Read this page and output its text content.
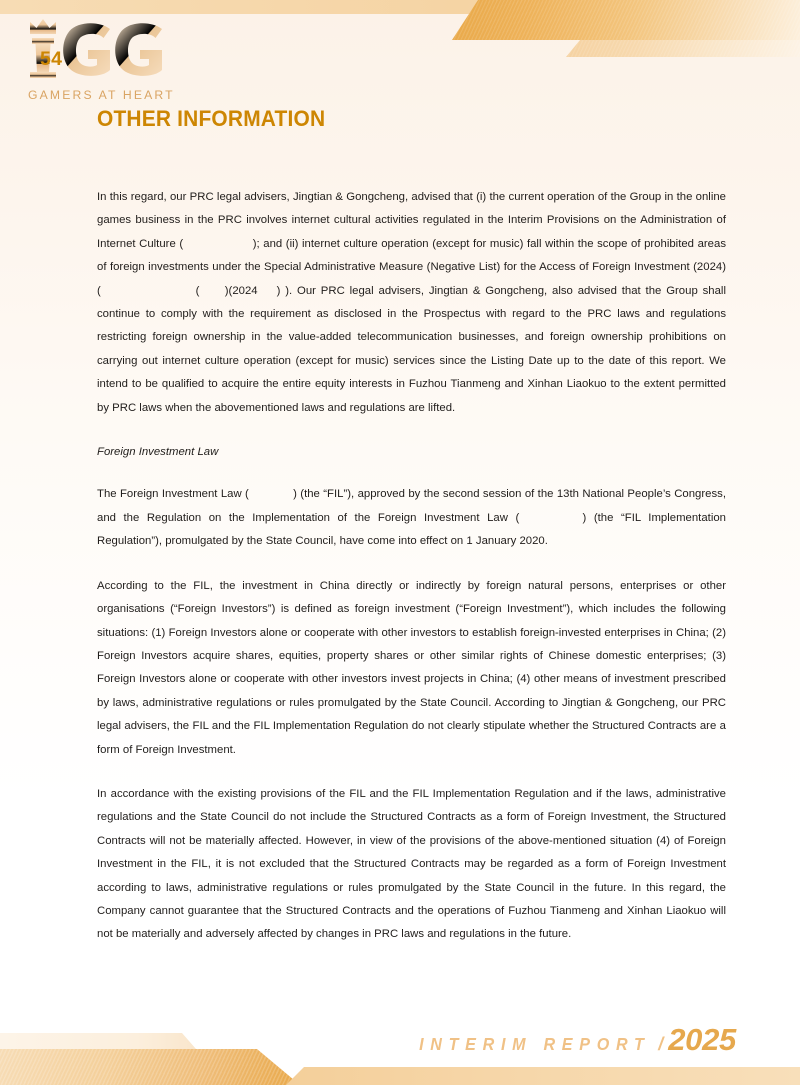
GAMERS AT HEART
OTHER INFORMATION

In this regard, our PRC legal advisers, Jingtian & Gongcheng, advised that (i) the current operation of the Group in the online games business in the PRC involves internet cultural activities regulated in the Interim Provisions on the Administration of Internet Culture (	); and (ii) internet culture operation (except for music) fall within the scope of prohibited areas of foreign investments under the Special Administrative Measure (Negative List) for the Access of Foreign Investment (2024) (	( )(2024 ) ). Our PRC legal advisers, Jingtian & Gongcheng, also advised that the Group shall continue to comply with the requirement as disclosed in the Prospectus with regard to the PRC laws and regulations restricting foreign ownership in the value-added telecommunication businesses, and foreign ownership prohibitions on carrying out internet culture operation (except for music) services since the Listing Date up to the date of this report. We intend to be qualified to acquire the entire equity interests in Fuzhou Tianmeng and Xinhan Liaokuo to the extent permitted by PRC laws when the abovementioned laws and regulations are lifted.

Foreign Investment Law

The Foreign Investment Law (	) (the “FIL”), approved by the second session of the 13th National People’s Congress, and the Regulation on the Implementation of the Foreign Investment Law (	) (the “FIL Implementation Regulation”), promulgated by the State Council, have come into effect on 1 January 2020.

According to the FIL, the investment in China directly or indirectly by foreign natural persons, enterprises or other organisations (“Foreign Investors”) is defined as foreign investment (“Foreign Investment”), which includes the following situations: (1) Foreign Investors alone or cooperate with other investors to establish foreign-invested enterprises in China; (2) Foreign Investors acquire shares, equities, property shares or other similar rights of Chinese domestic enterprises; (3) Foreign Investors alone or cooperate with other investors invest projects in China; (4) other means of investment prescribed by laws, administrative regulations or rules promulgated by the State Council. According to Jingtian & Gongcheng, our PRC legal advisers, the FIL and the FIL Implementation Regulation do not clearly stipulate whether the Structured Contracts are a form of Foreign Investment.

In accordance with the existing provisions of the FIL and the FIL Implementation Regulation and if the laws, administrative regulations and the State Council do not include the Structured Contracts as a form of Foreign Investment, the Structured Contracts will not be materially affected. However, in view of the provisions of the above-mentioned situation (4) of Foreign Investment in the FIL, it is not excluded that the Structured Contracts may be regarded as a form of Foreign Investment according to laws, administrative regulations or rules promulgated by the State Council in the future. In this regard, the Company cannot guarantee that the Structured Contracts and the operations of Fuzhou Tianmeng and Xinhan Liaokuo will not be materially and adversely affected by changes in PRC laws and regulations in the future.

54
INTERIM REPORT / 2025
